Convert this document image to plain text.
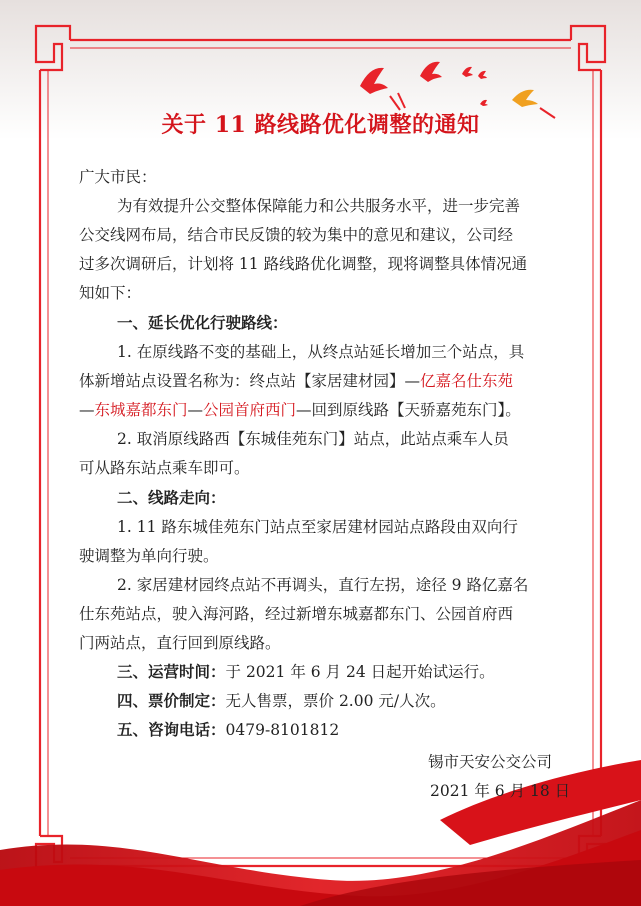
关于 11 路线路优化调整的通知
广大市民：
为有效提升公交整体保障能力和公共服务水平，进一步完善
公交线网布局，结合市民反馈的较为集中的意见和建议，公司经
过多次调研后，计划将 11 路线路优化调整，现将调整具体情况通
知如下：
一、延长优化行驶路线：
1. 在原线路不变的基础上，从终点站延长增加三个站点，具
体新增站点设置名称为：终点站【家居建材园】—亿嘉名仕东苑
—东城嘉都东门—公园首府西门—回到原线路【天骄嘉苑东门】。
2. 取消原线路西【东城佳苑东门】站点，此站点乘车人员
可从路东站点乘车即可。
二、线路走向：
1. 11 路东城佳苑东门站点至家居建材园站点路段由双向行
驶调整为单向行驶。
2. 家居建材园终点站不再调头，直行左拐，途径 9 路亿嘉名
仕东苑站点，驶入海河路，经过新增东城嘉都东门、公园首府西
门两站点，直行回到原线路。
三、运营时间：于 2021 年 6 月 24 日起开始试运行。
四、票价制定：无人售票，票价 2.00 元/人次。
五、咨询电话：0479-8101812
锡市天安公交公司
2021 年 6 月 18 日
